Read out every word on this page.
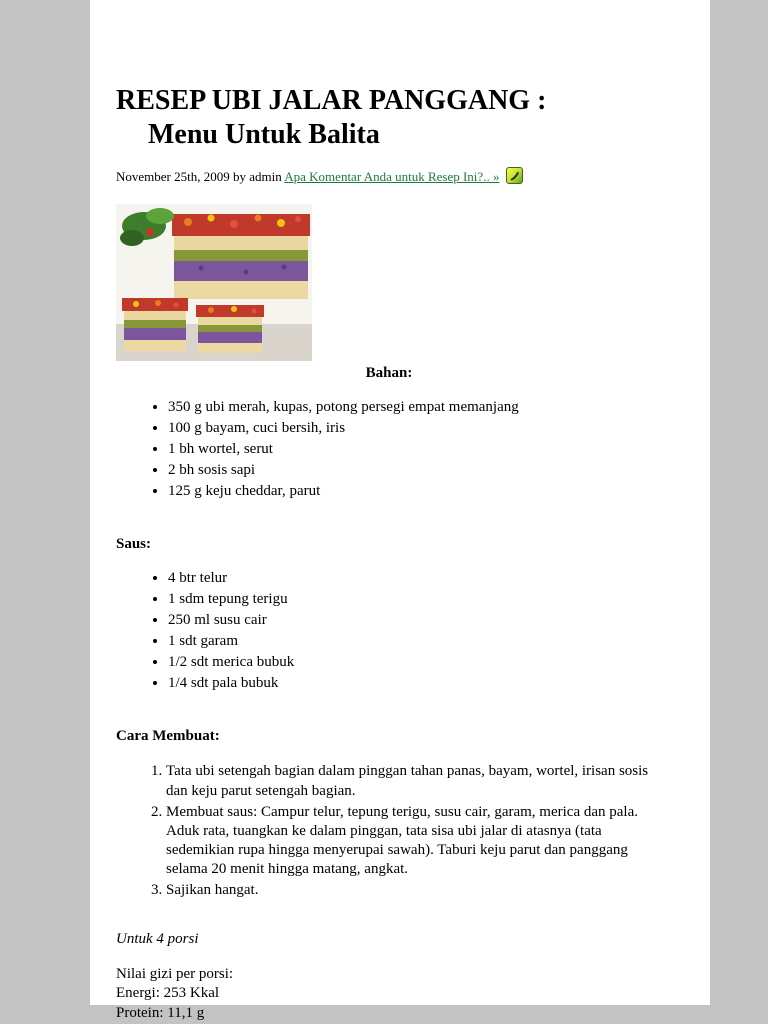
RESEP UBI JALAR PANGGANG :
Menu Untuk Balita
November 25th, 2009 by admin Apa Komentar Anda untuk Resep Ini?.. »
Bahan:
• 350 g ubi merah, kupas, potong persegi empat memanjang
• 100 g bayam, cuci bersih, iris
• 1 bh wortel, serut
• 2 bh sosis sapi
• 125 g keju cheddar, parut
Saus:
• 4 btr telur
• 1 sdm tepung terigu
• 250 ml susu cair
• 1 sdt garam
• 1/2 sdt merica bubuk
• 1/4 sdt pala bubuk
Cara Membuat:
1. Tata ubi setengah bagian dalam pinggan tahan panas, bayam, wortel, irisan sosis dan keju parut setengah bagian.
2. Membuat saus: Campur telur, tepung terigu, susu cair, garam, merica dan pala. Aduk rata, tuangkan ke dalam pinggan, tata sisa ubi jalar di atasnya (tata sedemikian rupa hingga menyerupai sawah). Taburi keju parut dan panggang selama 20 menit hingga matang, angkat.
3. Sajikan hangat.
Untuk 4 porsi
Nilai gizi per porsi:
Energi: 253 Kkal
Protein: 11,1 g
